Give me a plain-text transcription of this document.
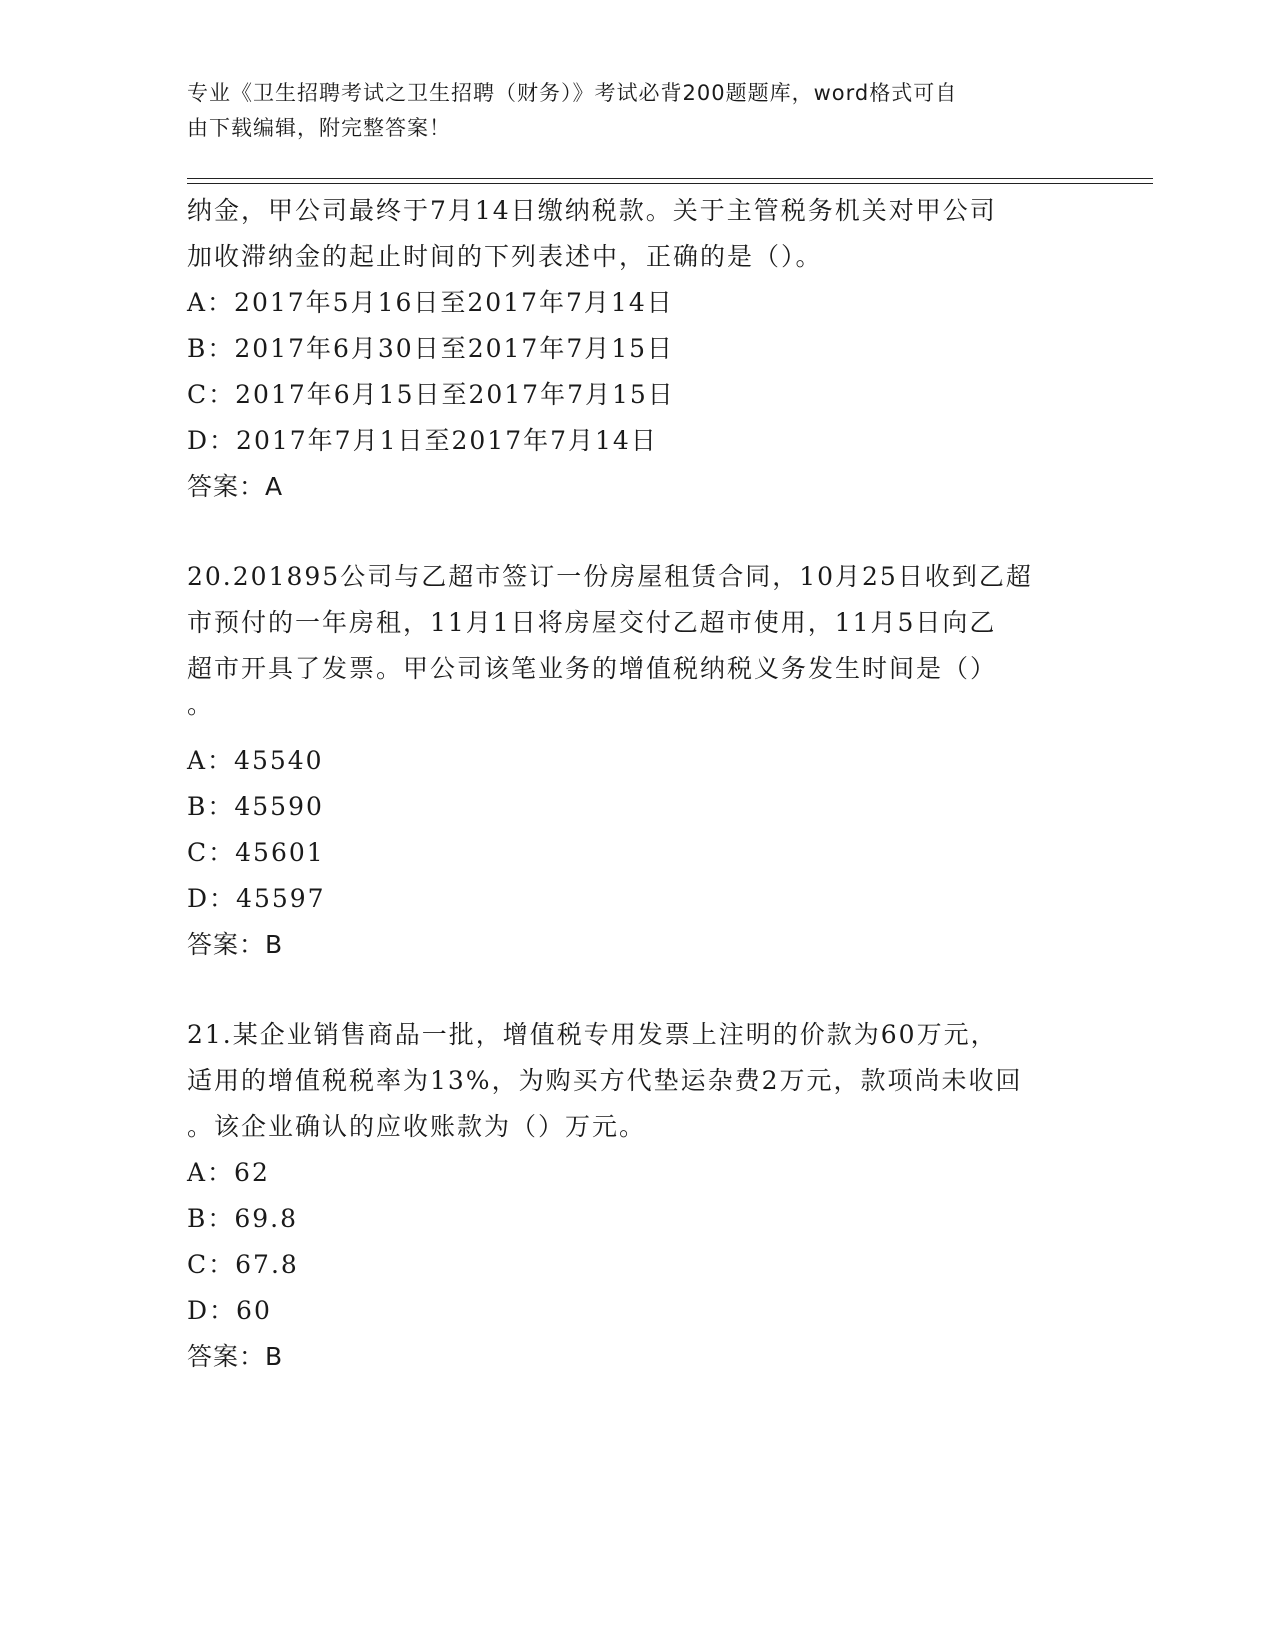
专业《卫生招聘考试之卫生招聘（财务）》考试必背200题题库，word格式可自
由下载编辑，附完整答案！
纳金，甲公司最终于7月14日缴纳税款。关于主管税务机关对甲公司
加收滞纳金的起止时间的下列表述中，正确的是（）。
A：2017年5月16日至2017年7月14日
B：2017年6月30日至2017年7月15日
C：2017年6月15日至2017年7月15日
D：2017年7月1日至2017年7月14日
答案：A
20.201895公司与乙超市签订一份房屋租赁合同，10月25日收到乙超
市预付的一年房租，11月1日将房屋交付乙超市使用，11月5日向乙
超市开具了发票。甲公司该笔业务的增值税纳税义务发生时间是（）
。
A：45540
B：45590
C：45601
D：45597
答案：B
21.某企业销售商品一批，增值税专用发票上注明的价款为60万元，
适用的增值税税率为13%，为购买方代垫运杂费2万元，款项尚未收回
。该企业确认的应收账款为（）万元。
A：62
B：69.8
C：67.8
D：60
答案：B
